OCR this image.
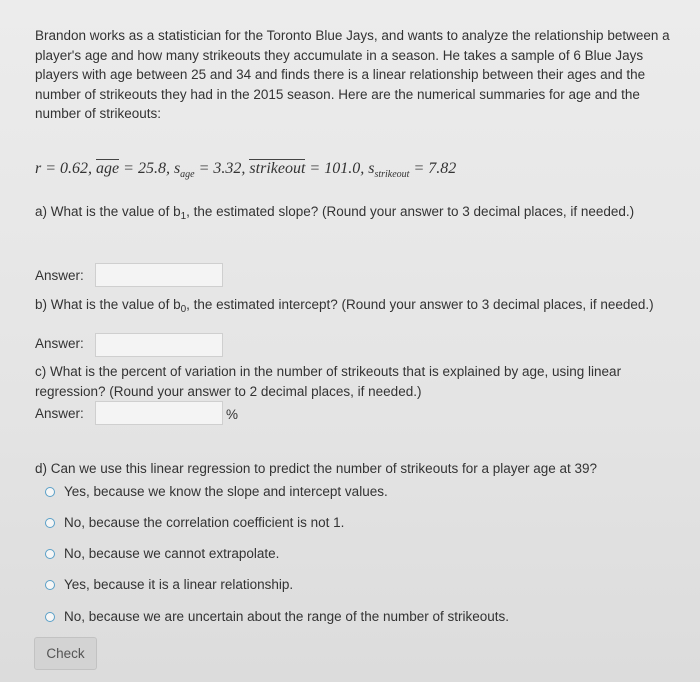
Brandon works as a statistician for the Toronto Blue Jays, and wants to analyze the relationship between a player's age and how many strikeouts they accumulate in a season. He takes a sample of 6 Blue Jays players with age between 25 and 34 and finds there is a linear relationship between their ages and the number of strikeouts they had in the 2015 season. Here are the numerical summaries for age and the number of strikeouts:
r = 0.62, age = 25.8, $s_{age} = 3.32$, strikeout = 101.0, $s_{strikeout} = 7.82$
a) What is the value of $b_1$, the estimated slope? (Round your answer to 3 decimal places, if needed.)
Answer:
b) What is the value of $b_0$, the estimated intercept? (Round your answer to 3 decimal places, if needed.)
Answer:
c) What is the percent of variation in the number of strikeouts that is explained by age, using linear regression? (Round your answer to 2 decimal places, if needed.)
Answer:	%
d) Can we use this linear regression to predict the number of strikeouts for a player age at 39?
Yes, because we know the slope and intercept values.
No, because the correlation coefficient is not 1.
No, because we cannot extrapolate.
Yes, because it is a linear relationship.
No, because we are uncertain about the range of the number of strikeouts.
Check
